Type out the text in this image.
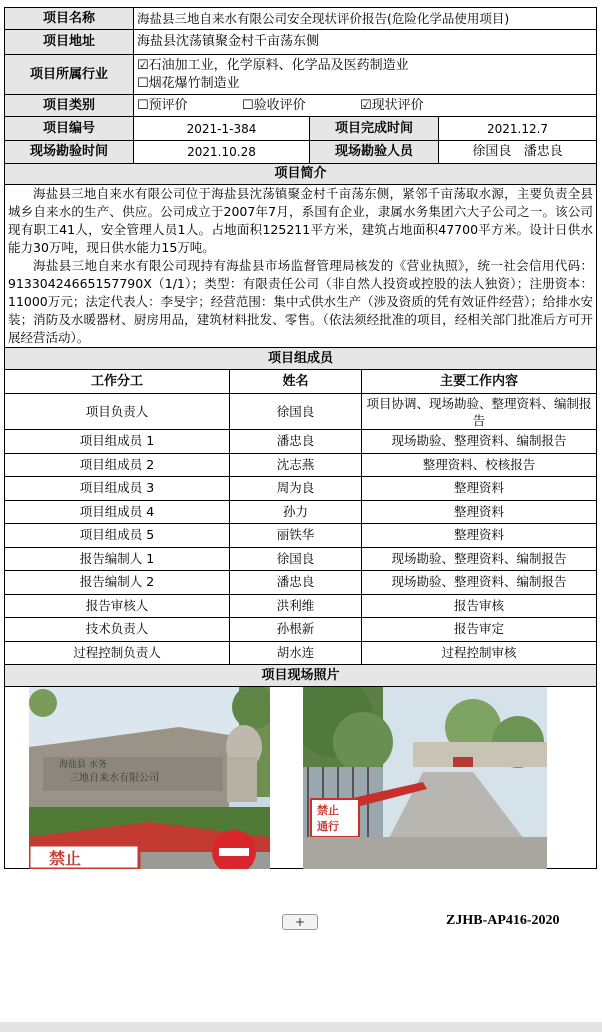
项目名称	海盐县三地自来水有限公司安全现状评价报告(危险化学品使用项目)				
项目地址	海盐县沈荡镇聚金村千亩荡东侧				
项目所属行业	☑石油加工业，化学原料、化学品及医药制造业
☐烟花爆竹制造业				

项目类别	☐预评价 ☐验收评价 ☑现状评价				
项目编号	2021-1-384		项目完成时间		2021.12.7
现场勘验时间	2021.10.28		现场勘验人员		徐国良   潘忠良
项目简介					

海盐县三地自来水有限公司位于海盐县沈荡镇聚金村千亩荡东侧，紧邻千亩荡取水源，主要负责全县城乡自来水的生产、供应。公司成立于2007年7月，系国有企业，隶属水务集团六大子公司之一。该公司现有职工41人，安全管理人员1人。占地面积125211平方米，建筑占地面积47700平方米。设计日供水能力30万吨，现日供水能力15万吨。

海盐县三地自来水有限公司现持有海盐县市场监督管理局核发的《营业执照》，统一社会信用代码：91330424665157790X（1/1）；类型：有限责任公司（非自然人投资或控股的法人独资）；注册资本：11000万元；法定代表人：李旻宇；经营范围：集中式供水生产（涉及资质的凭有效证件经营）；给排水安装；消防及水暖器材、厨房用品，建筑材料批发、零售。（依法须经批准的项目，经相关部门批准后方可开展经营活动）。					

项目组成员					
工作分工		姓名		主要工作内容	
项目负责人		徐国良		项目协调、现场勘验、整理资料、编制报告	
项目组成员 1		潘忠良		现场勘验、整理资料、编制报告	
项目组成员 2		沈志燕		整理资料、校核报告	
项目组成员 3		周为良		整理资料	
项目组成员 4		孙力		整理资料	
项目组成员 5		丽铁华		整理资料	
报告编制人 1		徐国良		现场勘验、整理资料、编制报告	
报告编制人 2		潘忠良		现场勘验、整理资料、编制报告	
报告审核人		洪利维		报告审核	
技术负责人		孙根新		报告审定	
过程控制负责人		胡水连		过程控制审核	
项目现场照片					

海盐县 水务
三地自来水有限公司
禁止
禁止
通行					
+	ZJHB-AP416-2020
